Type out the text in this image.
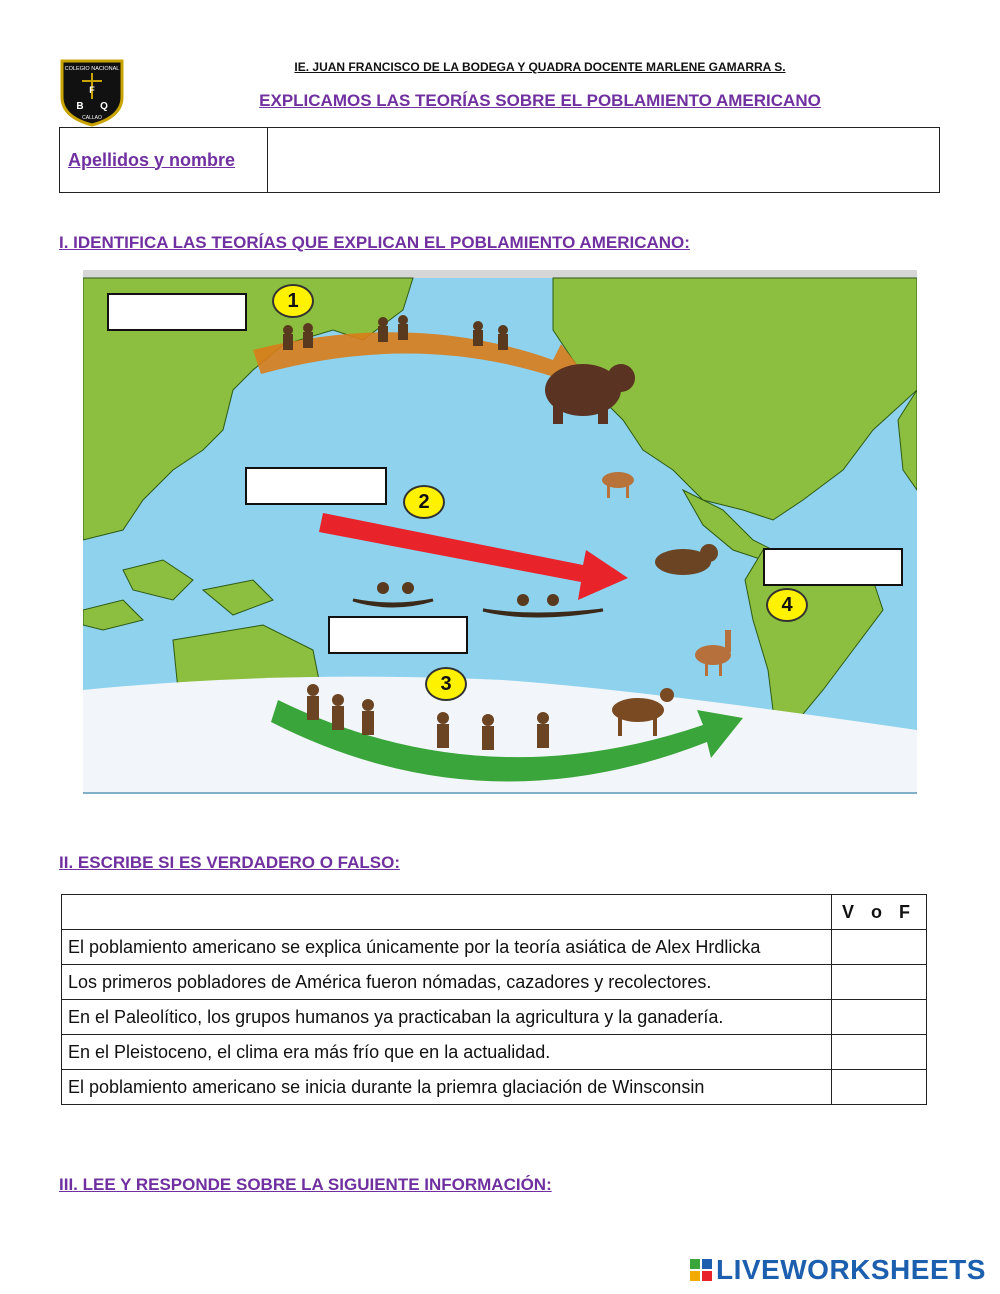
COLEGIO NACIONAL
F
B Q
CALLAO
IE. JUAN FRANCISCO DE LA BODEGA Y QUADRA DOCENTE MARLENE GAMARRA S.
EXPLICAMOS LAS TEORÍAS SOBRE EL POBLAMIENTO AMERICANO
Apellidos y nombre
I. IDENTIFICA LAS TEORÍAS QUE EXPLICAN EL POBLAMIENTO AMERICANO:
1
2
3
4
II. ESCRIBE SI ES VERDADERO O FALSO:
	V o F
El poblamiento americano se explica únicamente por la teoría asiática de Alex Hrdlicka	
Los primeros pobladores de América fueron nómadas, cazadores y recolectores.	
En el Paleolítico, los grupos humanos ya practicaban la agricultura y la ganadería.	
En el Pleistoceno, el clima era más frío que en la actualidad.	
El poblamiento americano se inicia durante la priemra glaciación de Winsconsin	
III. LEE Y RESPONDE SOBRE LA SIGUIENTE INFORMACIÓN:
LIVEWORKSHEETS
